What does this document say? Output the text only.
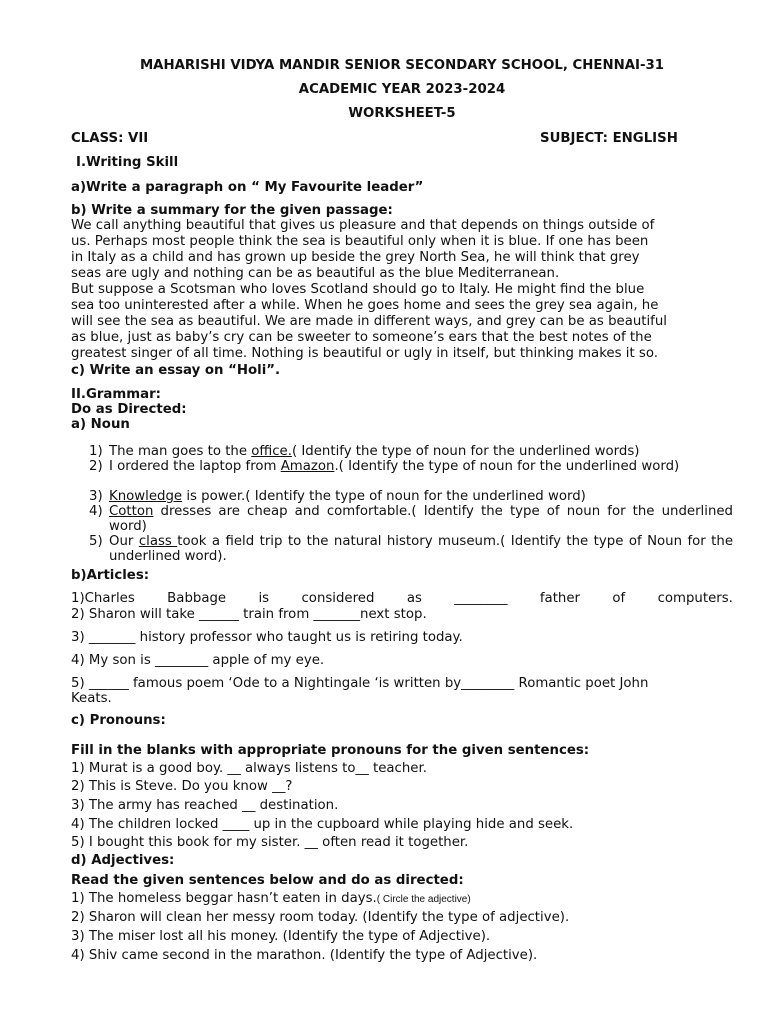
MAHARISHI VIDYA MANDIR SENIOR SECONDARY SCHOOL, CHENNAI-31
ACADEMIC YEAR 2023-2024
WORKSHEET-5
CLASS: VII	SUBJECT: ENGLISH
I.Writing Skill
a)Write a paragraph on “ My Favourite leader”
b) Write a summary for the given passage:
We call anything beautiful that gives us pleasure and that depends on things outside of
us. Perhaps most people think the sea is beautiful only when it is blue. If one has been
in Italy as a child and has grown up beside the grey North Sea, he will think that grey
seas are ugly and nothing can be as beautiful as the blue Mediterranean.
But suppose a Scotsman who loves Scotland should go to Italy. He might find the blue
sea too uninterested after a while. When he goes home and sees the grey sea again, he
will see the sea as beautiful. We are made in different ways, and grey can be as beautiful
as blue, just as baby’s cry can be sweeter to someone’s ears that the best notes of the
greatest singer of all time. Nothing is beautiful or ugly in itself, but thinking makes it so.
c) Write an essay on “Holi”.
II.Grammar:
Do as Directed:
a) Noun
1) The man goes to the office.( Identify the type of noun for the underlined words)
2) I ordered the laptop from Amazon.( Identify the type of noun for the underlined word)
3) Knowledge is power.( Identify the type of noun for the underlined word)
4) Cotton dresses are cheap and comfortable.( Identify the type of noun for the underlined word)
5) Our class took a field trip to the natural history museum.( Identify the type of Noun for the underlined word).
b)Articles:
1)Charles Babbage is considered as ________ father of computers.
2) Sharon will take ______ train from _______next stop.
3) _______ history professor who taught us is retiring today.
4) My son is ________ apple of my eye.
5) ______ famous poem ‘Ode to a Nightingale ‘is written by________ Romantic poet John
Keats.
c) Pronouns:
Fill in the blanks with appropriate pronouns for the given sentences:
1) Murat is a good boy. __ always listens to__ teacher.
2) This is Steve. Do you know __?
3) The army has reached __ destination.
4) The children locked ____ up in the cupboard while playing hide and seek.
5) I bought this book for my sister. __ often read it together.
d) Adjectives:
Read the given sentences below and do as directed:
1) The homeless beggar hasn’t eaten in days.( Circle the adjective)
2) Sharon will clean her messy room today. (Identify the type of adjective).
3) The miser lost all his money. (Identify the type of Adjective).
4) Shiv came second in the marathon. (Identify the type of Adjective).
